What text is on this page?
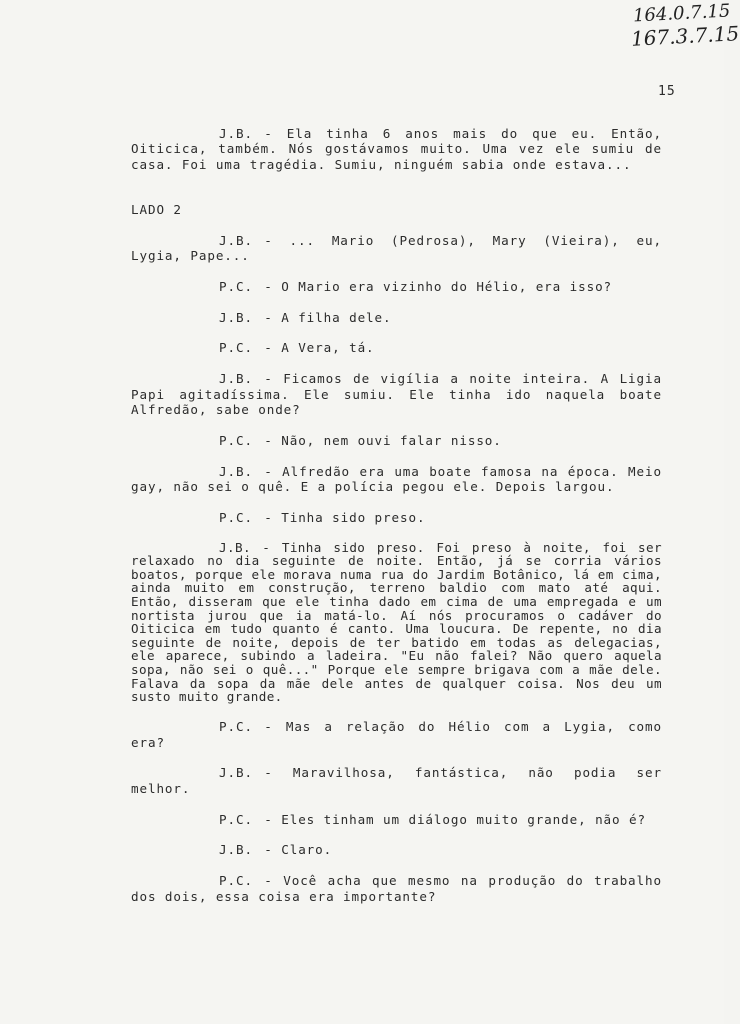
164.0.7.15
167.3.7.15
15

J.B. - Ela tinha 6 anos mais do que eu. Então, Oiticica, também. Nós gostávamos muito. Uma vez ele sumiu de casa. Foi uma tragédia. Sumiu, ninguém sabia onde estava...

LADO 2

J.B. - ... Mario (Pedrosa), Mary (Vieira), eu, Lygia, Pape...

P.C. - O Mario era vizinho do Hélio, era isso?

J.B. - A filha dele.

P.C. - A Vera, tá.

J.B. - Ficamos de vigília a noite inteira. A Ligia Papi agitadíssima. Ele sumiu. Ele tinha ido naquela boate Alfredão, sabe onde?

P.C. - Não, nem ouvi falar nisso.

J.B. - Alfredão era uma boate famosa na época. Meio gay, não sei o quê. E a polícia pegou ele. Depois largou.

P.C. - Tinha sido preso.

J.B. - Tinha sido preso. Foi preso à noite, foi ser relaxado no dia seguinte de noite. Então, já se corria vários boatos, porque ele morava numa rua do Jardim Botânico, lá em cima, ainda muito em construção, terreno baldio com mato até aqui. Então, disseram que ele tinha dado em cima de uma empregada e um nortista jurou que ia matá-lo. Aí nós procuramos o cadáver do Oiticica em tudo quanto é canto. Uma loucura. De repente, no dia seguinte de noite, depois de ter batido em todas as delegacias, ele aparece, subindo a ladeira. "Eu não falei? Não quero aquela sopa, não sei o quê..." Porque ele sempre brigava com a mãe dele. Falava da sopa da mãe dele antes de qualquer coisa. Nos deu um susto muito grande.

P.C. - Mas a relação do Hélio com a Lygia, como era?

J.B. - Maravilhosa, fantástica, não podia ser melhor.

P.C. - Eles tinham um diálogo muito grande, não é?

J.B. - Claro.

P.C. - Você acha que mesmo na produção do trabalho dos dois, essa coisa era importante?
